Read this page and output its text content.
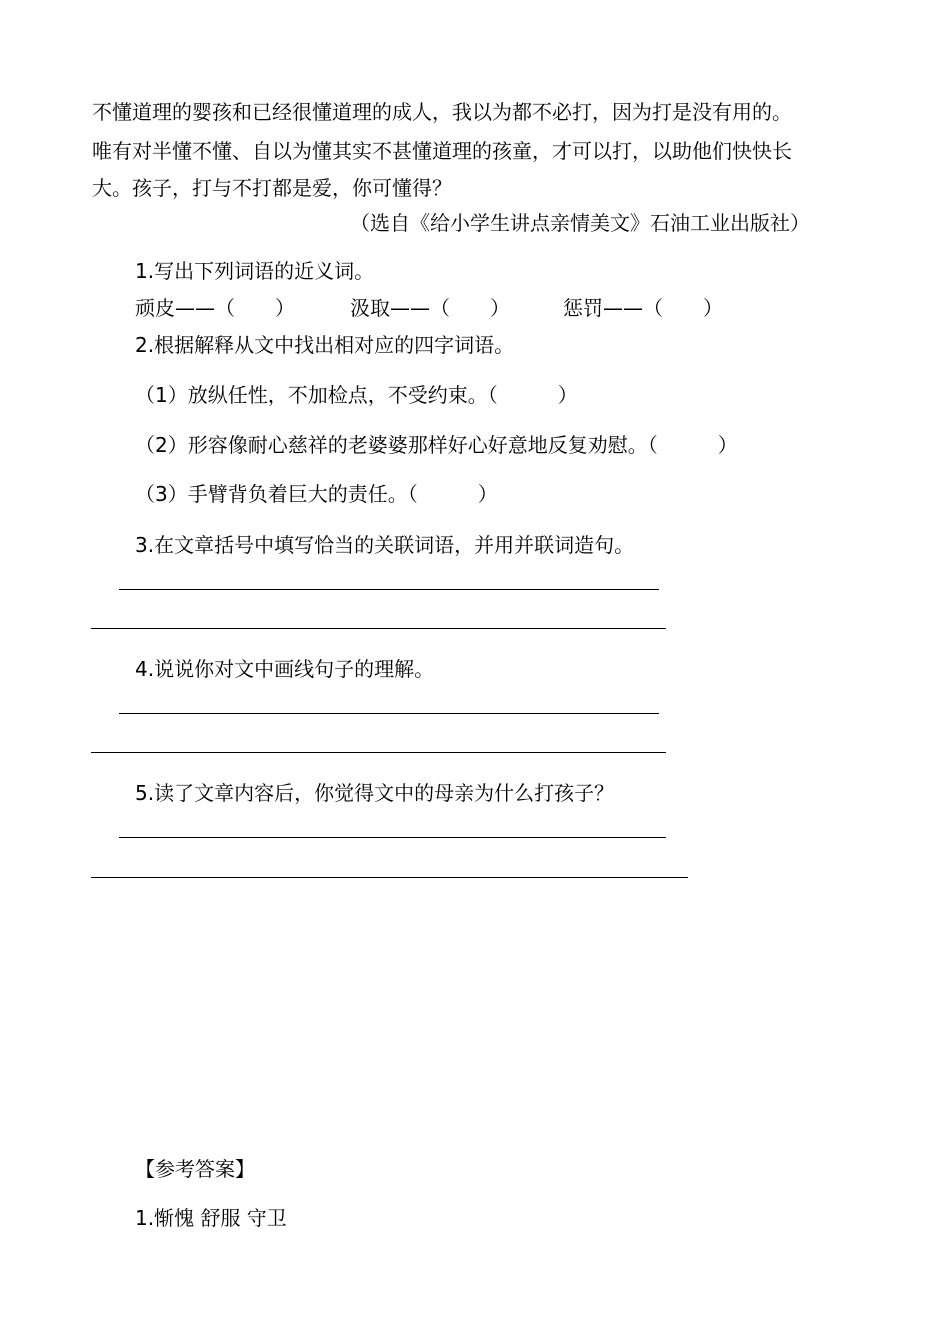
不懂道理的婴孩和已经很懂道理的成人，我以为都不必打，因为打是没有用的。
唯有对半懂不懂、自以为懂其实不甚懂道理的孩童，才可以打，以助他们快快长
大。孩子，打与不打都是爱，你可懂得？
（选自《给小学生讲点亲情美文》石油工业出版社）
1.写出下列词语的近义词。
顽皮——（　　）	汲取——（　　）	惩罚——（　　）
2.根据解释从文中找出相对应的四字词语。
（1）放纵任性，不加检点，不受约束。（　　　）
（2）形容像耐心慈祥的老婆婆那样好心好意地反复劝慰。（　　　）
（3）手臂背负着巨大的责任。（　　　）
3.在文章括号中填写恰当的关联词语，并用并联词造句。
4.说说你对文中画线句子的理解。
5.读了文章内容后，你觉得文中的母亲为什么打孩子？
【参考答案】
1.惭愧 舒服 守卫
